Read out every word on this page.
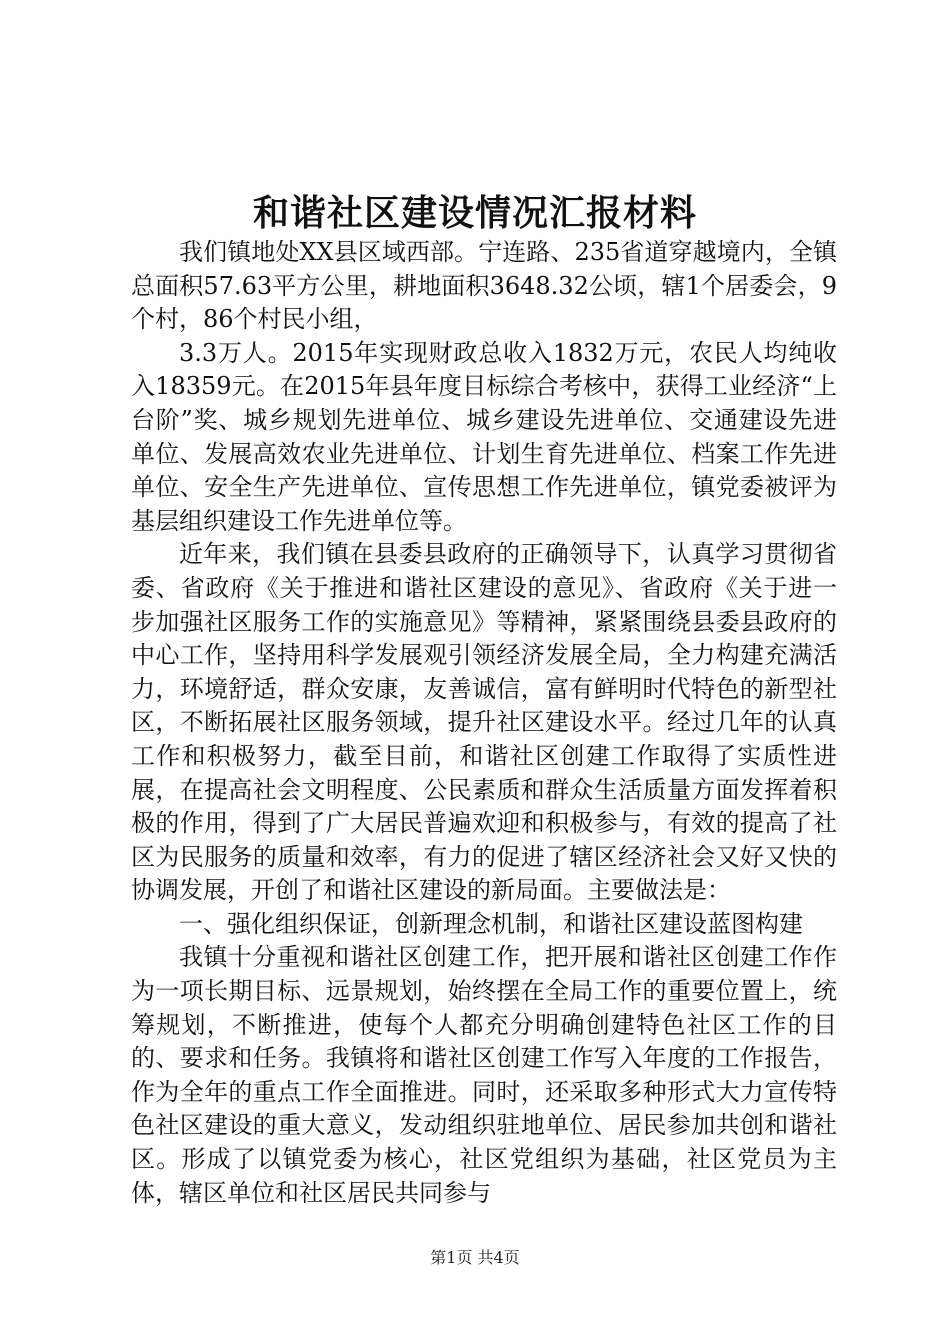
和谐社区建设情况汇报材料

我们镇地处XX县区域西部。宁连路、235省道穿越境内，全镇总面积57.63平方公里，耕地面积3648.32公顷，辖1个居委会，9个村，86个村民小组，

3.3万人。2015年实现财政总收入1832万元，农民人均纯收入18359元。在2015年县年度目标综合考核中，获得工业经济“上台阶”奖、城乡规划先进单位、城乡建设先进单位、交通建设先进单位、发展高效农业先进单位、计划生育先进单位、档案工作先进单位、安全生产先进单位、宣传思想工作先进单位，镇党委被评为基层组织建设工作先进单位等。

近年来，我们镇在县委县政府的正确领导下，认真学习贯彻省委、省政府《关于推进和谐社区建设的意见》、省政府《关于进一步加强社区服务工作的实施意见》等精神，紧紧围绕县委县政府的中心工作，坚持用科学发展观引领经济发展全局，全力构建充满活力，环境舒适，群众安康，友善诚信，富有鲜明时代特色的新型社区，不断拓展社区服务领域，提升社区建设水平。经过几年的认真工作和积极努力，截至目前，和谐社区创建工作取得了实质性进展，在提高社会文明程度、公民素质和群众生活质量方面发挥着积极的作用，得到了广大居民普遍欢迎和积极参与，有效的提高了社区为民服务的质量和效率，有力的促进了辖区经济社会又好又快的协调发展，开创了和谐社区建设的新局面。主要做法是：

一、强化组织保证，创新理念机制，和谐社区建设蓝图构建

我镇十分重视和谐社区创建工作，把开展和谐社区创建工作作为一项长期目标、远景规划，始终摆在全局工作的重要位置上，统筹规划，不断推进，使每个人都充分明确创建特色社区工作的目的、要求和任务。我镇将和谐社区创建工作写入年度的工作报告，作为全年的重点工作全面推进。同时，还采取多种形式大力宣传特色社区建设的重大意义，发动组织驻地单位、居民参加共创和谐社区。形成了以镇党委为核心，社区党组织为基础，社区党员为主体，辖区单位和社区居民共同参与

第1页 共4页
